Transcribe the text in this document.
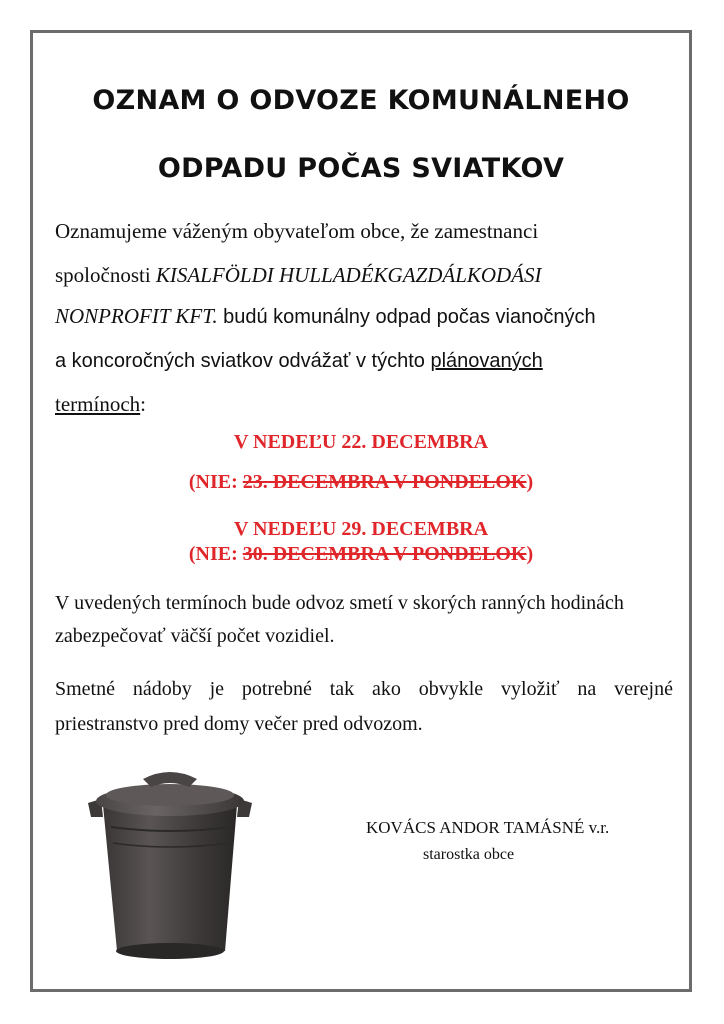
OZNAM O ODVOZE KOMUNÁLNEHO
ODPADU POČAS SVIATKOV
Oznamujeme váženým obyvateľom obce, že zamestnanci
spoločnosti KISALFÖLDI HULLADÉKGAZDÁLKODÁSI
NONPROFIT KFT. budú komunálny odpad počas vianočných
a koncoročných sviatkov odvážať v týchto plánovaných
termínoch:
V NEDEĽU 22. DECEMBRA
(NIE: 23. DECEMBRA V PONDELOK)
V NEDEĽU 29. DECEMBRA
(NIE: 30. DECEMBRA V PONDELOK)
V uvedených termínoch bude odvoz smetí v skorých ranných hodinách
zabezpečovať väčší počet vozidiel.
Smetné nádoby je potrebné tak ako obvykle vyložiť na verejné
priestranstvo pred domy večer pred odvozom.
KOVÁCS ANDOR TAMÁSNÉ v.r.
starostka obce
